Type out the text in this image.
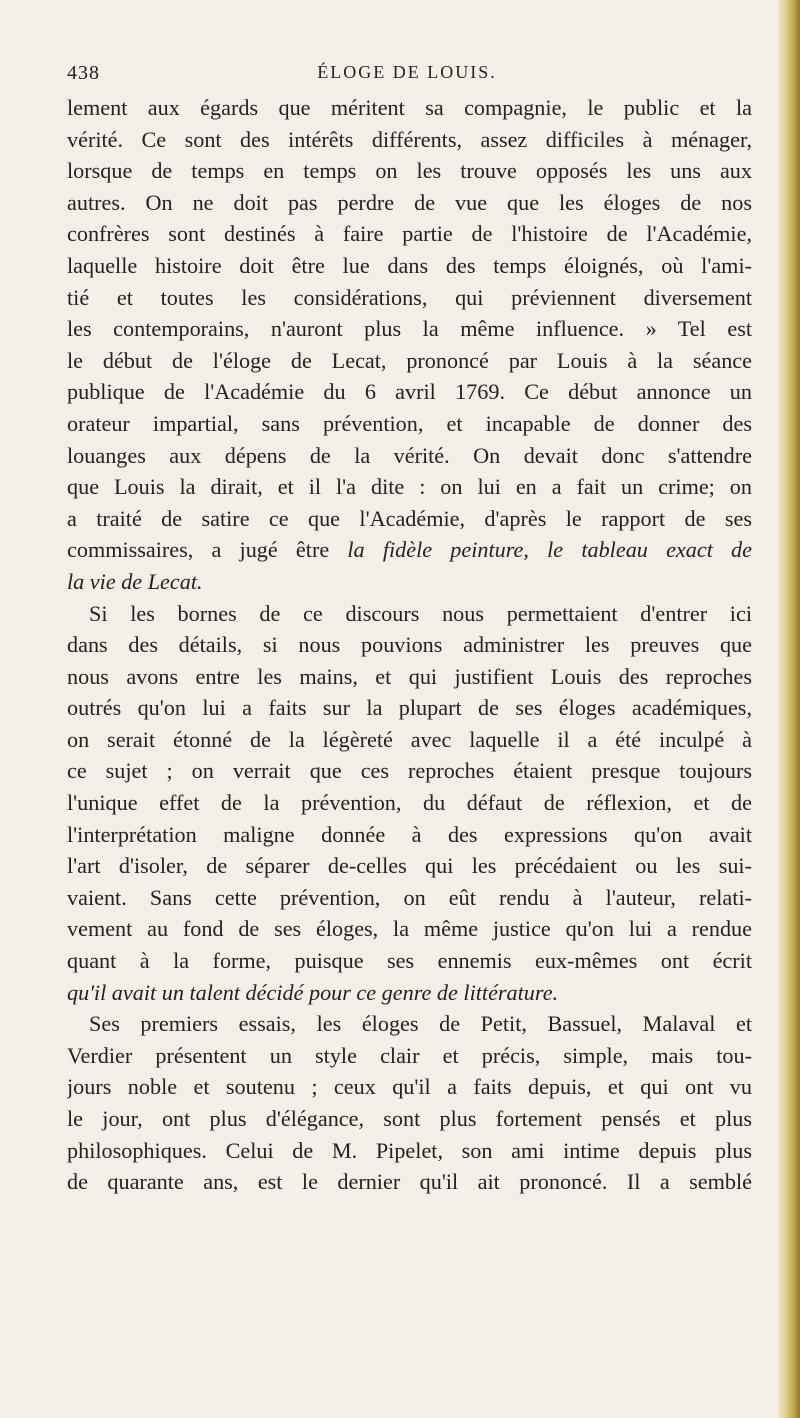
438	ÉLOGE DE LOUIS.
lement aux égards que méritent sa compagnie, le public et la
vérité. Ce sont des intérêts différents, assez difficiles à ménager,
lorsque de temps en temps on les trouve opposés les uns aux
autres. On ne doit pas perdre de vue que les éloges de nos
confrères sont destinés à faire partie de l'histoire de l'Académie,
laquelle histoire doit être lue dans des temps éloignés, où l'ami-
tié et toutes les considérations, qui préviennent diversement
les contemporains, n'auront plus la même influence. » Tel est
le début de l'éloge de Lecat, prononcé par Louis à la séance
publique de l'Académie du 6 avril 1769. Ce début annonce un
orateur impartial, sans prévention, et incapable de donner des
louanges aux dépens de la vérité. On devait donc s'attendre
que Louis la dirait, et il l'a dite : on lui en a fait un crime; on
a traité de satire ce que l'Académie, d'après le rapport de ses
commissaires, a jugé être la fidèle peinture, le tableau exact de
la vie de Lecat.
Si les bornes de ce discours nous permettaient d'entrer ici
dans des détails, si nous pouvions administrer les preuves que
nous avons entre les mains, et qui justifient Louis des reproches
outrés qu'on lui a faits sur la plupart de ses éloges académiques,
on serait étonné de la légèreté avec laquelle il a été inculpé à
ce sujet ; on verrait que ces reproches étaient presque toujours
l'unique effet de la prévention, du défaut de réflexion, et de
l'interprétation maligne donnée à des expressions qu'on avait
l'art d'isoler, de séparer de-celles qui les précédaient ou les sui-
vaient. Sans cette prévention, on eût rendu à l'auteur, relati-
vement au fond de ses éloges, la même justice qu'on lui a rendue
quant à la forme, puisque ses ennemis eux-mêmes ont écrit
qu'il avait un talent décidé pour ce genre de littérature.
Ses premiers essais, les éloges de Petit, Bassuel, Malaval et
Verdier présentent un style clair et précis, simple, mais tou-
jours noble et soutenu ; ceux qu'il a faits depuis, et qui ont vu
le jour, ont plus d'élégance, sont plus fortement pensés et plus
philosophiques. Celui de M. Pipelet, son ami intime depuis plus
de quarante ans, est le dernier qu'il ait prononcé. Il a semblé
